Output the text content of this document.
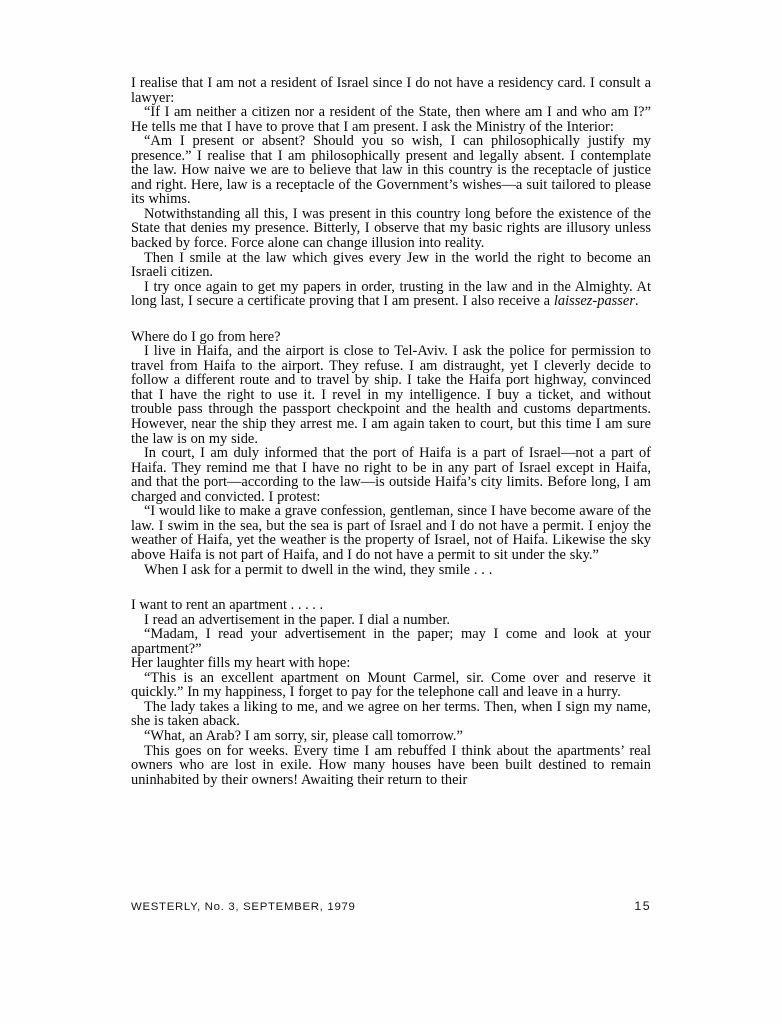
I realise that I am not a resident of Israel since I do not have a residency card. I consult a lawyer:

“If I am neither a citizen nor a resident of the State, then where am I and who am I?” He tells me that I have to prove that I am present. I ask the Ministry of the Interior:

“Am I present or absent? Should you so wish, I can philosophically justify my presence.” I realise that I am philosophically present and legally absent. I contemplate the law. How naive we are to believe that law in this country is the receptacle of justice and right. Here, law is a receptacle of the Government’s wishes—a suit tailored to please its whims.

Notwithstanding all this, I was present in this country long before the existence of the State that denies my presence. Bitterly, I observe that my basic rights are illusory unless backed by force. Force alone can change illusion into reality.

Then I smile at the law which gives every Jew in the world the right to become an Israeli citizen.

I try once again to get my papers in order, trusting in the law and in the Almighty. At long last, I secure a certificate proving that I am present. I also receive a laissez-passer.

Where do I go from here?

I live in Haifa, and the airport is close to Tel-Aviv. I ask the police for permission to travel from Haifa to the airport. They refuse. I am distraught, yet I cleverly decide to follow a different route and to travel by ship. I take the Haifa port highway, convinced that I have the right to use it. I revel in my intelligence. I buy a ticket, and without trouble pass through the passport checkpoint and the health and customs departments. However, near the ship they arrest me. I am again taken to court, but this time I am sure the law is on my side.

In court, I am duly informed that the port of Haifa is a part of Israel—not a part of Haifa. They remind me that I have no right to be in any part of Israel except in Haifa, and that the port—according to the law—is outside Haifa’s city limits. Before long, I am charged and convicted. I protest:

“I would like to make a grave confession, gentleman, since I have become aware of the law. I swim in the sea, but the sea is part of Israel and I do not have a permit. I enjoy the weather of Haifa, yet the weather is the property of Israel, not of Haifa. Likewise the sky above Haifa is not part of Haifa, and I do not have a permit to sit under the sky.”

When I ask for a permit to dwell in the wind, they smile . . .

I want to rent an apartment . . . . .

I read an advertisement in the paper. I dial a number.

“Madam, I read your advertisement in the paper; may I come and look at your apartment?”

Her laughter fills my heart with hope:

“This is an excellent apartment on Mount Carmel, sir. Come over and reserve it quickly.” In my happiness, I forget to pay for the telephone call and leave in a hurry.

The lady takes a liking to me, and we agree on her terms. Then, when I sign my name, she is taken aback.

“What, an Arab? I am sorry, sir, please call tomorrow.”

This goes on for weeks. Every time I am rebuffed I think about the apartments’ real owners who are lost in exile. How many houses have been built destined to remain uninhabited by their owners! Awaiting their return to their

WESTERLY, No. 3, SEPTEMBER, 1979	15
